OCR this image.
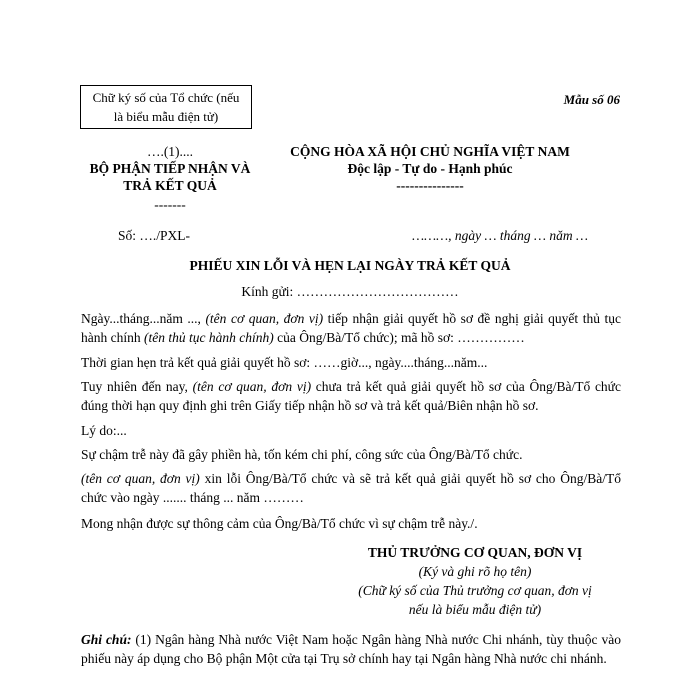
Chữ ký số của Tổ chức (nếu
là biểu mẫu điện tử)
Mẫu số 06
….(1)....
BỘ PHẬN TIẾP NHẬN VÀ
TRẢ KẾT QUẢ
-------
CỘNG HÒA XÃ HỘI CHỦ NGHĨA VIỆT NAM
Độc lập - Tự do - Hạnh phúc
---------------
Số: …./PXL-	………, ngày … tháng … năm …
PHIẾU XIN LỖI VÀ HẸN LẠI NGÀY TRẢ KẾT QUẢ
Kính gửi: ………………………………
Ngày...tháng...năm ..., (tên cơ quan, đơn vị) tiếp nhận giải quyết hồ sơ đề nghị giải quyết thủ tục hành chính (tên thủ tục hành chính) của Ông/Bà/Tổ chức); mã hồ sơ: ……………
Thời gian hẹn trả kết quả giải quyết hồ sơ: ……giờ..., ngày....tháng...năm...
Tuy nhiên đến nay, (tên cơ quan, đơn vị) chưa trả kết quả giải quyết hồ sơ của Ông/Bà/Tổ chức đúng thời hạn quy định ghi trên Giấy tiếp nhận hồ sơ và trả kết quả/Biên nhận hồ sơ.
Lý do:...
Sự chậm trễ này đã gây phiền hà, tốn kém chi phí, công sức của Ông/Bà/Tổ chức.
(tên cơ quan, đơn vị) xin lỗi Ông/Bà/Tổ chức và sẽ trả kết quả giải quyết hồ sơ cho Ông/Bà/Tổ chức vào ngày ....... tháng ... năm ………
Mong nhận được sự thông cảm của Ông/Bà/Tổ chức vì sự chậm trễ này./.
THỦ TRƯỞNG CƠ QUAN, ĐƠN VỊ
(Ký và ghi rõ họ tên)
(Chữ ký số của Thủ trưởng cơ quan, đơn vị
nếu là biểu mẫu điện tử)
Ghi chú: (1) Ngân hàng Nhà nước Việt Nam hoặc Ngân hàng Nhà nước Chi nhánh, tùy thuộc vào phiếu này áp dụng cho Bộ phận Một cửa tại Trụ sở chính hay tại Ngân hàng Nhà nước chi nhánh.
